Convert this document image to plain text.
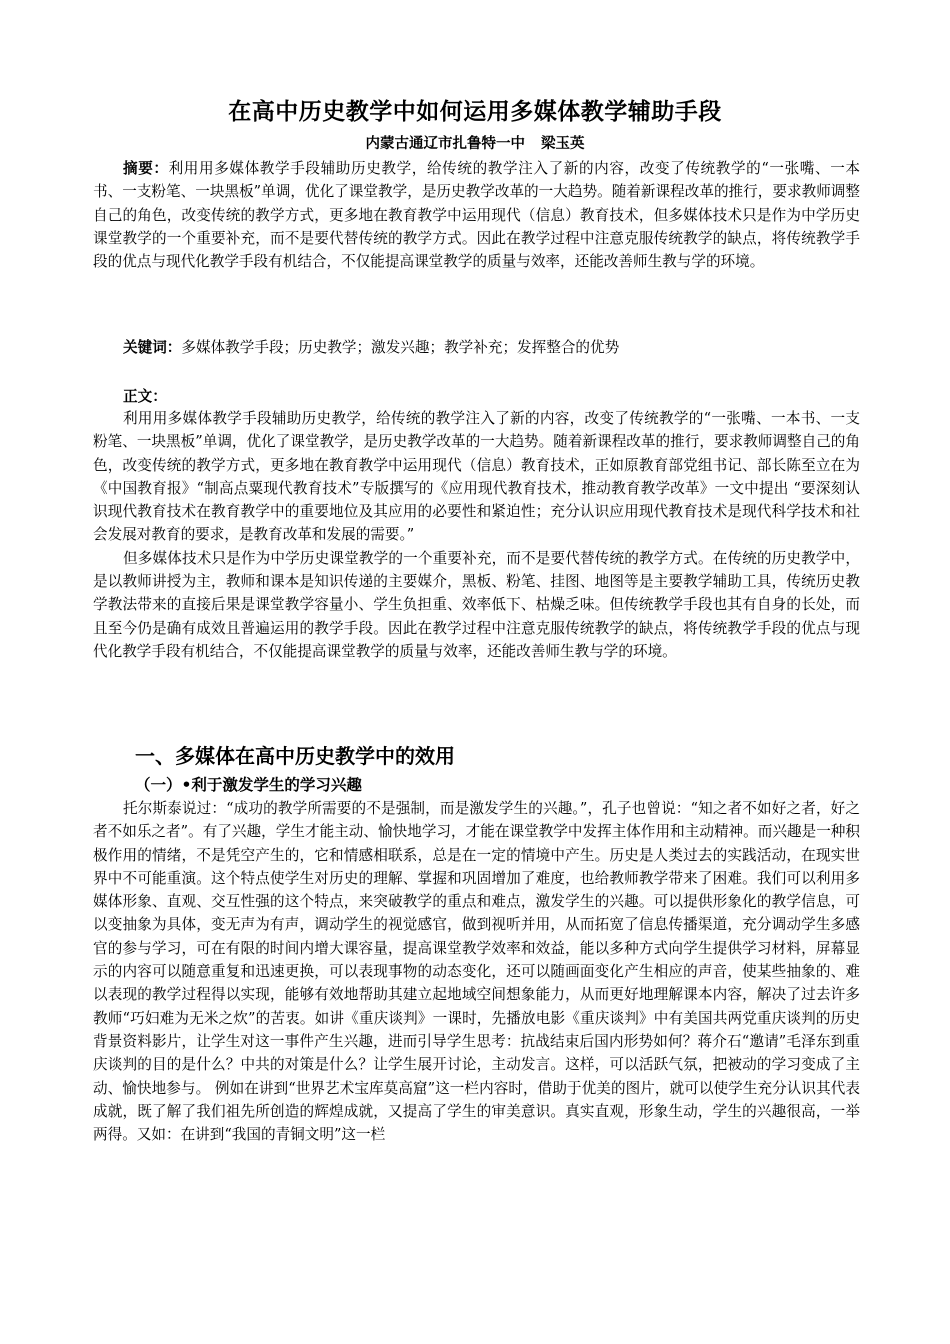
在高中历史教学中如何运用多媒体教学辅助手段
内蒙古通辽市扎鲁特一中 梁玉英

摘要：利用用多媒体教学手段辅助历史教学，给传统的教学注入了新的内容，改变了传统教学的“一张嘴、一本书、一支粉笔、一块黑板”单调，优化了课堂教学，是历史教学改革的一大趋势。随着新课程改革的推行，要求教师调整自己的角色，改变传统的教学方式，更多地在教育教学中运用现代（信息）教育技术，但多媒体技术只是作为中学历史课堂教学的一个重要补充，而不是要代替传统的教学方式。因此在教学过程中注意克服传统教学的缺点，将传统教学手段的优点与现代化教学手段有机结合，不仅能提高课堂教学的质量与效率，还能改善师生教与学的环境。

关键词：多媒体教学手段；历史教学；激发兴趣；教学补充；发挥整合的优势

正文：

利用用多媒体教学手段辅助历史教学，给传统的教学注入了新的内容，改变了传统教学的“一张嘴、一本书、一支粉笔、一块黑板”单调，优化了课堂教学，是历史教学改革的一大趋势。随着新课程改革的推行，要求教师调整自己的角色，改变传统的教学方式，更多地在教育教学中运用现代（信息）教育技术，正如原教育部党组书记、部长陈至立在为《中国教育报》“制高点粟现代教育技术”专版撰写的《应用现代教育技术，推动教育教学改革》一文中提出 “要深刻认识现代教育技术在教育教学中的重要地位及其应用的必要性和紧迫性；充分认识应用现代教育技术是现代科学技术和社会发展对教育的要求，是教育改革和发展的需要。”

但多媒体技术只是作为中学历史课堂教学的一个重要补充，而不是要代替传统的教学方式。在传统的历史教学中，是以教师讲授为主，教师和课本是知识传递的主要媒介，黑板、粉笔、挂图、地图等是主要教学辅助工具，传统历史教学教法带来的直接后果是课堂教学容量小、学生负担重、效率低下、枯燥乏味。但传统教学手段也其有自身的长处，而且至今仍是确有成效且普遍运用的教学手段。因此在教学过程中注意克服传统教学的缺点，将传统教学手段的优点与现代化教学手段有机结合，不仅能提高课堂教学的质量与效率，还能改善师生教与学的环境。

一、多媒体在高中历史教学中的效用
（一）•利于激发学生的学习兴趣

托尔斯泰说过：“成功的教学所需要的不是强制，而是激发学生的兴趣。”，孔子也曾说：“知之者不如好之者，好之者不如乐之者”。有了兴趣，学生才能主动、愉快地学习，才能在课堂教学中发挥主体作用和主动精神。而兴趣是一种积极作用的情绪，不是凭空产生的，它和情感相联系，总是在一定的情境中产生。历史是人类过去的实践活动，在现实世界中不可能重演。这个特点使学生对历史的理解、掌握和巩固增加了难度，也给教师教学带来了困难。我们可以利用多媒体形象、直观、交互性强的这个特点，来突破教学的重点和难点，激发学生的兴趣。可以提供形象化的教学信息，可以变抽象为具体，变无声为有声，调动学生的视觉感官，做到视听并用，从而拓宽了信息传播渠道，充分调动学生多感官的参与学习，可在有限的时间内增大课容量，提高课堂教学效率和效益，能以多种方式向学生提供学习材料，屏幕显示的内容可以随意重复和迅速更换，可以表现事物的动态变化，还可以随画面变化产生相应的声音，使某些抽象的、难以表现的教学过程得以实现，能够有效地帮助其建立起地域空间想象能力，从而更好地理解课本内容，解决了过去许多教师“巧妇难为无米之炊”的苦衷。如讲《重庆谈判》一课时，先播放电影《重庆谈判》中有美国共两党重庆谈判的历史背景资料影片，让学生对这一事件产生兴趣，进而引导学生思考：抗战结束后国内形势如何？蒋介石“邀请”毛泽东到重庆谈判的目的是什么？中共的对策是什么？让学生展开讨论，主动发言。这样，可以活跃气氛，把被动的学习变成了主动、愉快地参与。 例如在讲到“世界艺术宝库莫高窟”这一栏内容时，借助于优美的图片，就可以使学生充分认识其代表成就，既了解了我们祖先所创造的辉煌成就，又提高了学生的审美意识。真实直观，形象生动，学生的兴趣很高，一举两得。又如：在讲到“我国的青铜文明”这一栏
